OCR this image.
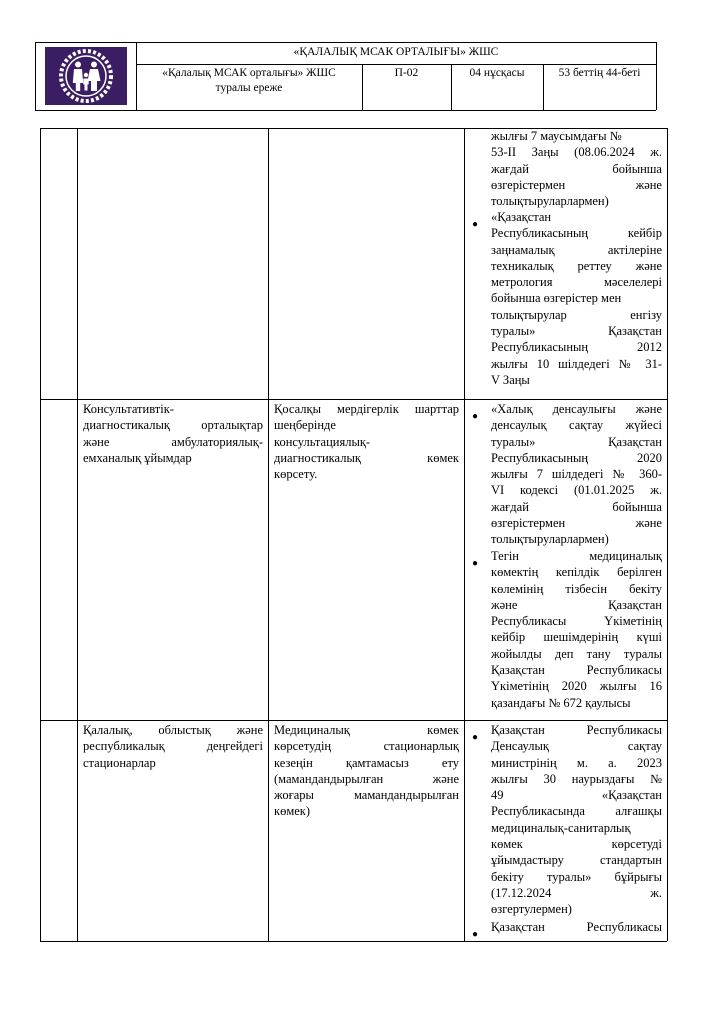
«ҚАЛАЛЫҚ МСАК ОРТАЛЫҒЫ» ЖШС
«Қалалық МСАК орталығы» ЖШС
туралы ереже
П-02	04 нұсқасы	53 беттің 44-беті
жылғы 7 маусымдағы №
53-ІІ Заңы (08.06.2024 ж.
жағдай бойынша
өзгерістермен және
толықтыруларлармен)
●
«Қазақстан
Республикасының кейбір
заңнамалық актілеріне
техникалық реттеу және
метрология мәселелері
бойынша өзгерістер мен
толықтырулар енгізу
туралы» Қазақстан
Республикасының 2012
жылғы 10 шілдедегі № 31-
V Заңы
Консультативтік-
диагностикалық орталықтар
және амбулаториялық-
емханалық ұйымдар
Қосалқы мердігерлік шарттар
шеңберінде
консультациялық-
диагностикалық көмек
көрсету.
●
«Халық денсаулығы және
денсаулық сақтау жүйесі
туралы» Қазақстан
Республикасының 2020
жылғы 7 шілдедегі № 360-
VI кодексі (01.01.2025 ж.
жағдай бойынша
өзгерістермен және
толықтыруларлармен)
●
Тегін медициналық
көмектің кепілдік берілген
көлемінің тізбесін бекіту
және Қазақстан
Республикасы Үкіметінің
кейбір шешімдерінің күші
жойылды деп тану туралы
Қазақстан Республикасы
Үкіметінің 2020 жылғы 16
қазандағы № 672 қаулысы
Қалалық, облыстық және
республикалық деңгейдегі
стационарлар
Медициналық көмек
көрсетудің стационарлық
кезеңін қамтамасыз ету
(мамандандырылған және
жоғары мамандандырылған
көмек)
●
Қазақстан Республикасы
Денсаулық сақтау
министрінің м. а. 2023
жылғы 30 наурыздағы №
49 «Қазақстан
Республикасында алғашқы
медициналық-санитарлық
көмек көрсетуді
ұйымдастыру стандартын
бекіту туралы» бұйрығы
(17.12.2024 ж.
өзгертулермен)
●
Қазақстан Республикасы
